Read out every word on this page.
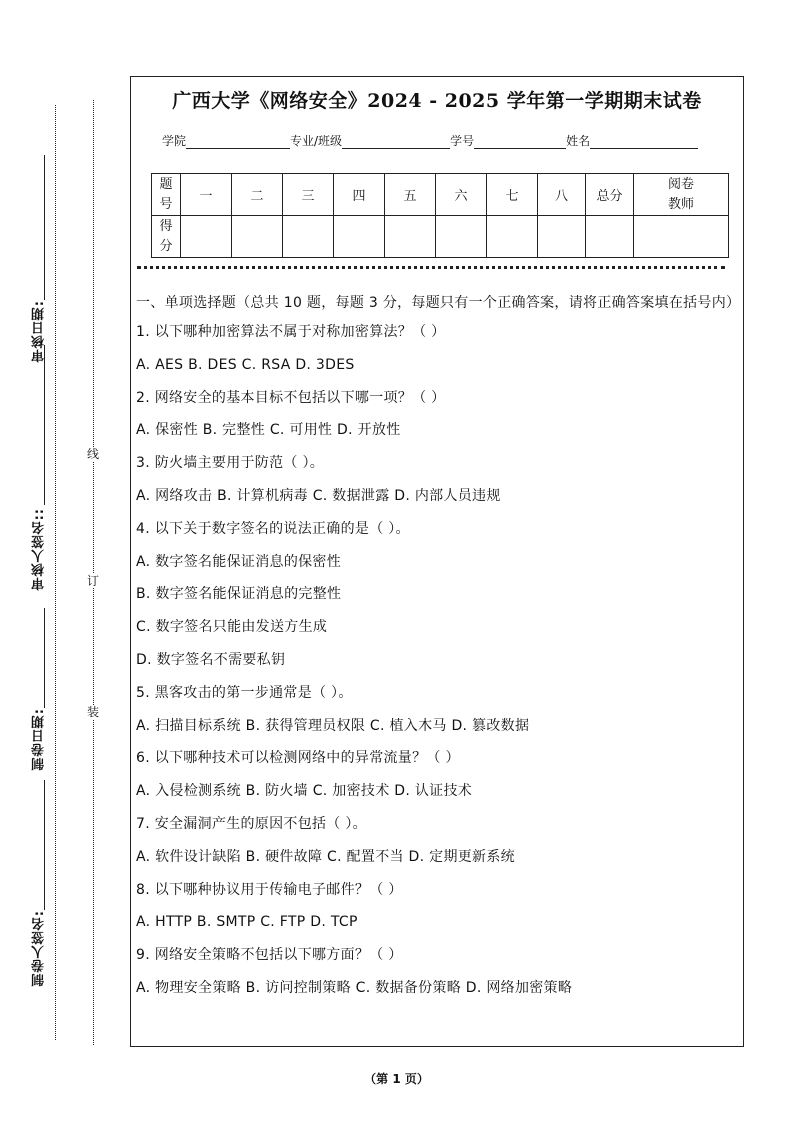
审核日期:
审核人签名::
制卷日期:
制卷人签名:
线
订
装
广西大学《网络安全》2024 - 2025 学年第一学期期末试卷
学院	专业/班级	学号	姓名
题号	一	二	三	四	五	六	七	八	总分	阅卷教师
得分										

一、单项选择题（总共 10 题，每题 3 分，每题只有一个正确答案，请将正确答案填在括号内）

1. 以下哪种加密算法不属于对称加密算法？（ ）
A. AES B. DES C. RSA D. 3DES
2. 网络安全的基本目标不包括以下哪一项？（ ）
A. 保密性 B. 完整性 C. 可用性 D. 开放性
3. 防火墙主要用于防范（ ）。
A. 网络攻击 B. 计算机病毒 C. 数据泄露 D. 内部人员违规
4. 以下关于数字签名的说法正确的是（ ）。
A. 数字签名能保证消息的保密性
B. 数字签名能保证消息的完整性
C. 数字签名只能由发送方生成
D. 数字签名不需要私钥
5. 黑客攻击的第一步通常是（ ）。
A. 扫描目标系统 B. 获得管理员权限 C. 植入木马 D. 篡改数据
6. 以下哪种技术可以检测网络中的异常流量？（ ）
A. 入侵检测系统 B. 防火墙 C. 加密技术 D. 认证技术
7. 安全漏洞产生的原因不包括（ ）。
A. 软件设计缺陷 B. 硬件故障 C. 配置不当 D. 定期更新系统
8. 以下哪种协议用于传输电子邮件？（ ）
A. HTTP B. SMTP C. FTP D. TCP
9. 网络安全策略不包括以下哪方面？（ ）
A. 物理安全策略 B. 访问控制策略 C. 数据备份策略 D. 网络加密策略
（第 1 页）
